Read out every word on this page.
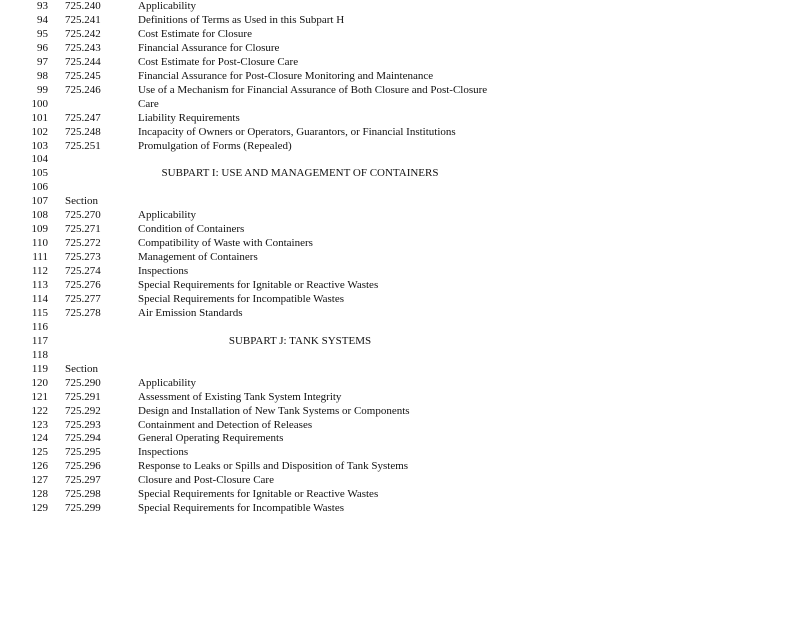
93 725.240	Applicability
94 725.241	Definitions of Terms as Used in this Subpart H
95 725.242	Cost Estimate for Closure
96 725.243	Financial Assurance for Closure
97 725.244	Cost Estimate for Post-Closure Care
98 725.245	Financial Assurance for Post-Closure Monitoring and Maintenance
99 725.246	Use of a Mechanism for Financial Assurance of Both Closure and Post-Closure
100	Care
101 725.247	Liability Requirements
102 725.248	Incapacity of Owners or Operators, Guarantors, or Financial Institutions
103 725.251	Promulgation of Forms (Repealed)
104
105	SUBPART I: USE AND MANAGEMENT OF CONTAINERS
106
107 Section
108 725.270	Applicability
109 725.271	Condition of Containers
110 725.272	Compatibility of Waste with Containers
111 725.273	Management of Containers
112 725.274	Inspections
113 725.276	Special Requirements for Ignitable or Reactive Wastes
114 725.277	Special Requirements for Incompatible Wastes
115 725.278	Air Emission Standards
116
117	SUBPART J: TANK SYSTEMS
118
119 Section
120 725.290	Applicability
121 725.291	Assessment of Existing Tank System Integrity
122 725.292	Design and Installation of New Tank Systems or Components
123 725.293	Containment and Detection of Releases
124 725.294	General Operating Requirements
125 725.295	Inspections
126 725.296	Response to Leaks or Spills and Disposition of Tank Systems
127 725.297	Closure and Post-Closure Care
128 725.298	Special Requirements for Ignitable or Reactive Wastes
129 725.299	Special Requirements for Incompatible Wastes
